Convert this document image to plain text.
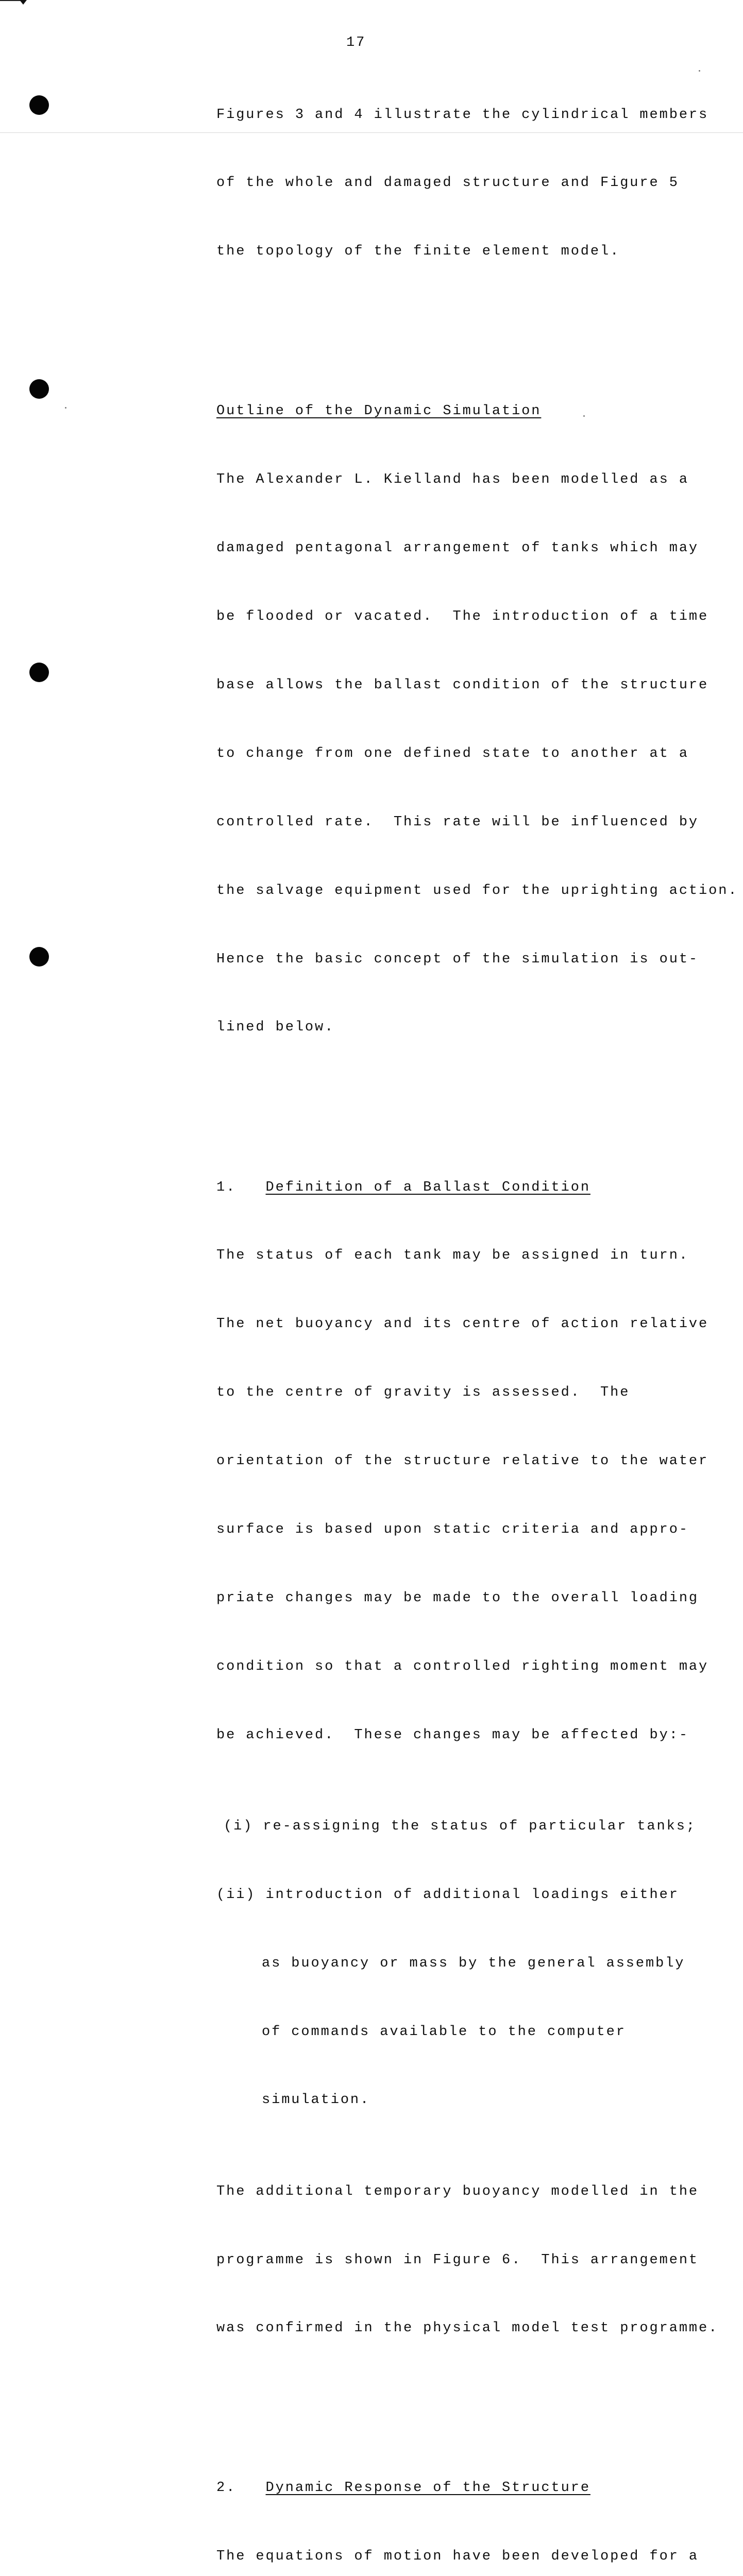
17

Figures 3 and 4 illustrate the cylindrical members

of the whole and damaged structure and Figure 5

the topology of the finite element model.

Outline of the Dynamic Simulation

The Alexander L. Kielland has been modelled as a

damaged pentagonal arrangement of tanks which may

be flooded or vacated.  The introduction of a time

base allows the ballast condition of the structure

to change from one defined state to another at a

controlled rate.  This rate will be influenced by

the salvage equipment used for the uprighting action.

Hence the basic concept of the simulation is out-

lined below.

1. Definition of a Ballast Condition

The status of each tank may be assigned in turn.

The net buoyancy and its centre of action relative

to the centre of gravity is assessed.  The

orientation of the structure relative to the water

surface is based upon static criteria and appro-

priate changes may be made to the overall loading

condition so that a controlled righting moment may

be achieved.  These changes may be affected by:-

(i) re-assigning the status of particular tanks;

(ii) introduction of additional loadings either

as buoyancy or mass by the general assembly

of commands available to the computer

simulation.

The additional temporary buoyancy modelled in the

programme is shown in Figure 6.  This arrangement

was confirmed in the physical model test programme.

2. Dynamic Response of the Structure

The equations of motion have been developed for a
